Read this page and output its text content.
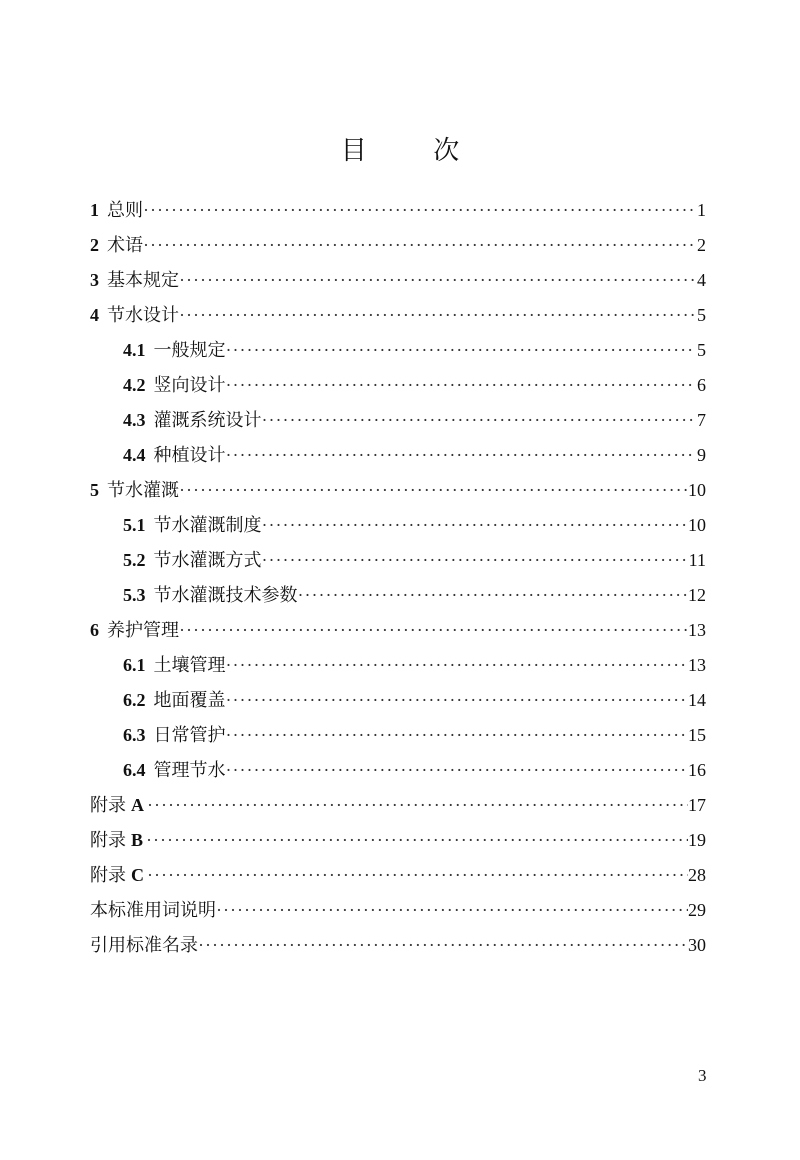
目 次
1 总则 ·····	1
2 术语 ·····	2
3 基本规定 ·····	4
4 节水设计 ·····	5
4.1 一般规定 ·····	5
4.2 竖向设计 ·····	6
4.3 灌溉系统设计 ·····	7
4.4 种植设计 ·····	9
5 节水灌溉 ·····	10
5.1 节水灌溉制度 ·····	10
5.2 节水灌溉方式 ·····	11
5.3 节水灌溉技术参数 ·····	12
6 养护管理 ·····	13
6.1 土壤管理 ·····	13
6.2 地面覆盖 ·····	14
6.3 日常管护 ·····	15
6.4 管理节水 ·····	16
附录 A ·····	17
附录 B ·····	19
附录 C ·····	28
本标准用词说明 ·····	29
引用标准名录 ·····	30
3
